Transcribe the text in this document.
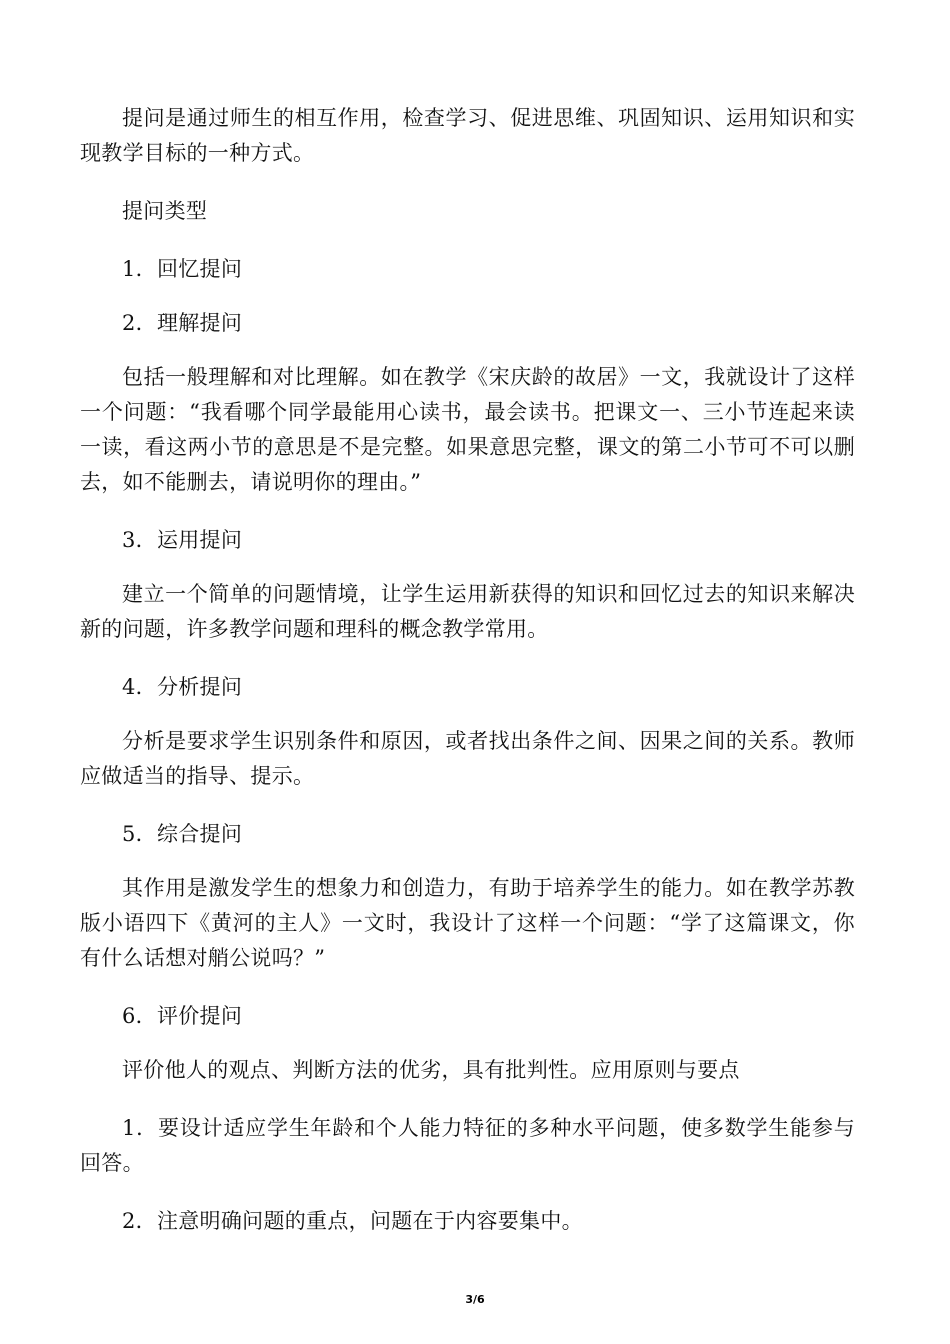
提问是通过师生的相互作用，检查学习、促进思维、巩固知识、运用知识和实现教学目标的一种方式。

提问类型

1．回忆提问

2．理解提问

包括一般理解和对比理解。如在教学《宋庆龄的故居》一文，我就设计了这样一个问题：“我看哪个同学最能用心读书，最会读书。把课文一、三小节连起来读一读，看这两小节的意思是不是完整。如果意思完整，课文的第二小节可不可以删去，如不能删去，请说明你的理由。”

3．运用提问

建立一个简单的问题情境，让学生运用新获得的知识和回忆过去的知识来解决新的问题，许多教学问题和理科的概念教学常用。

4．分析提问

分析是要求学生识别条件和原因，或者找出条件之间、因果之间的关系。教师应做适当的指导、提示。

5．综合提问

其作用是激发学生的想象力和创造力，有助于培养学生的能力。如在教学苏教版小语四下《黄河的主人》一文时，我设计了这样一个问题：“学了这篇课文，你有什么话想对艄公说吗？”

6．评价提问

评价他人的观点、判断方法的优劣，具有批判性。应用原则与要点

1．要设计适应学生年龄和个人能力特征的多种水平问题，使多数学生能参与回答。

2．注意明确问题的重点，问题在于内容要集中。

3/6
